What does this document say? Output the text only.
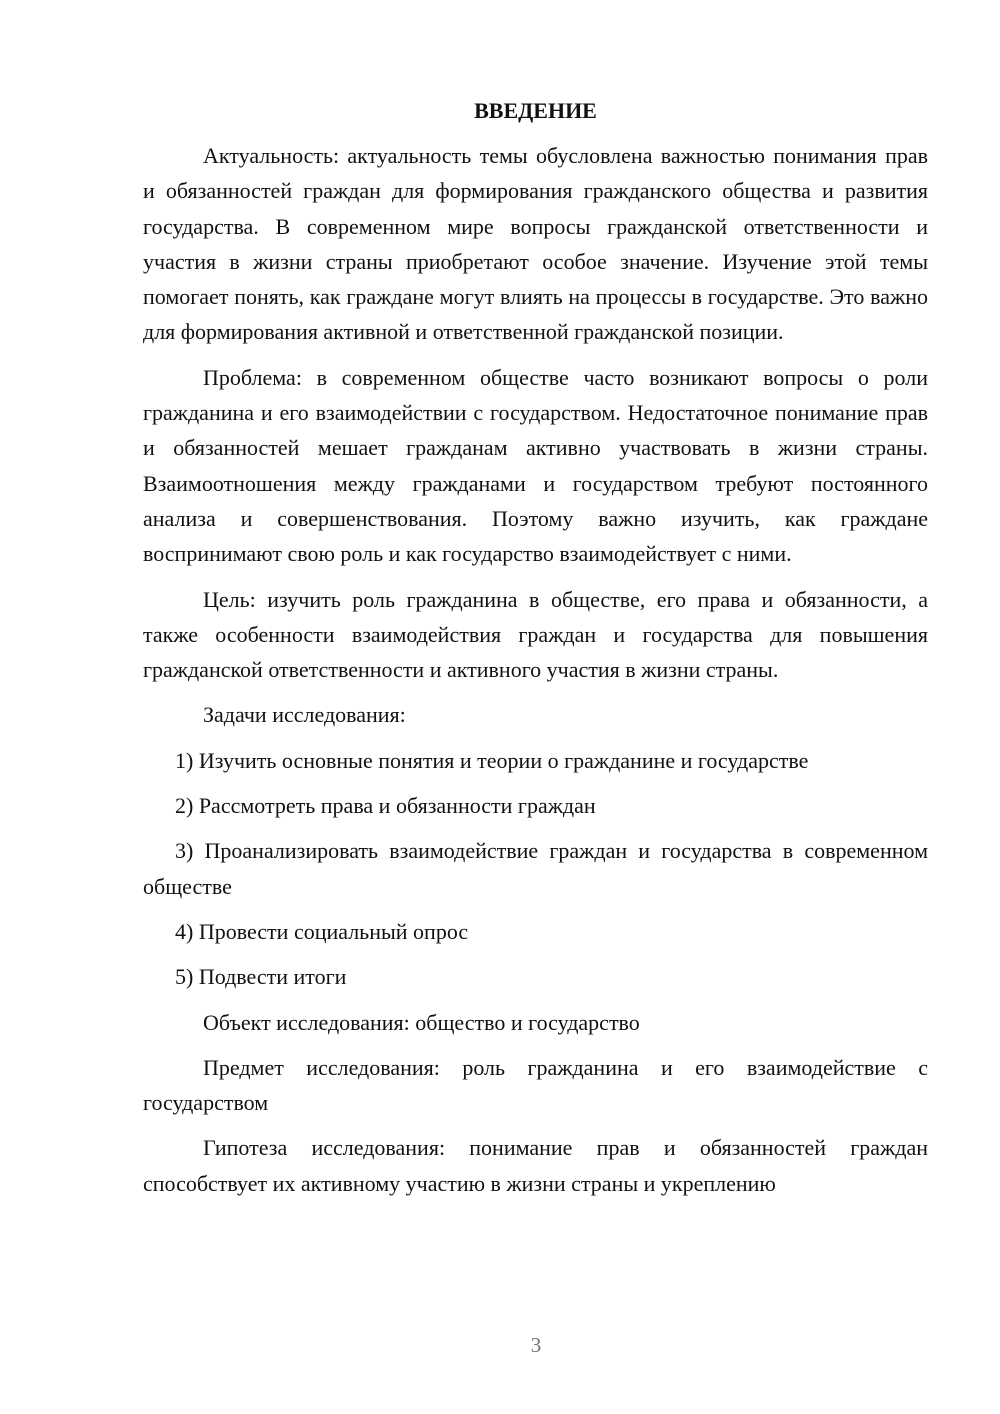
ВВЕДЕНИЕ

Актуальность: актуальность темы обусловлена важностью понимания прав и обязанностей граждан для формирования гражданского общества и развития государства. В современном мире вопросы гражданской ответственности и участия в жизни страны приобретают особое значение. Изучение этой темы помогает понять, как граждане могут влиять на процессы в государстве. Это важно для формирования активной и ответственной гражданской позиции.

Проблема: в современном обществе часто возникают вопросы о роли гражданина и его взаимодействии с государством. Недостаточное понимание прав и обязанностей мешает гражданам активно участвовать в жизни страны. Взаимоотношения между гражданами и государством требуют постоянного анализа и совершенствования. Поэтому важно изучить, как граждане воспринимают свою роль и как государство взаимодействует с ними.

Цель: изучить роль гражданина в обществе, его права и обязанности, а также особенности взаимодействия граждан и государства для повышения гражданской ответственности и активного участия в жизни страны.

Задачи исследования:

1) Изучить основные понятия и теории о гражданине и государстве

2) Рассмотреть права и обязанности граждан

3) Проанализировать взаимодействие граждан и государства в современном обществе

4) Провести социальный опрос

5) Подвести итоги

Объект исследования: общество и государство

Предмет исследования: роль гражданина и его взаимодействие с государством

Гипотеза исследования: понимание прав и обязанностей граждан способствует их активному участию в жизни страны и укреплению

3
